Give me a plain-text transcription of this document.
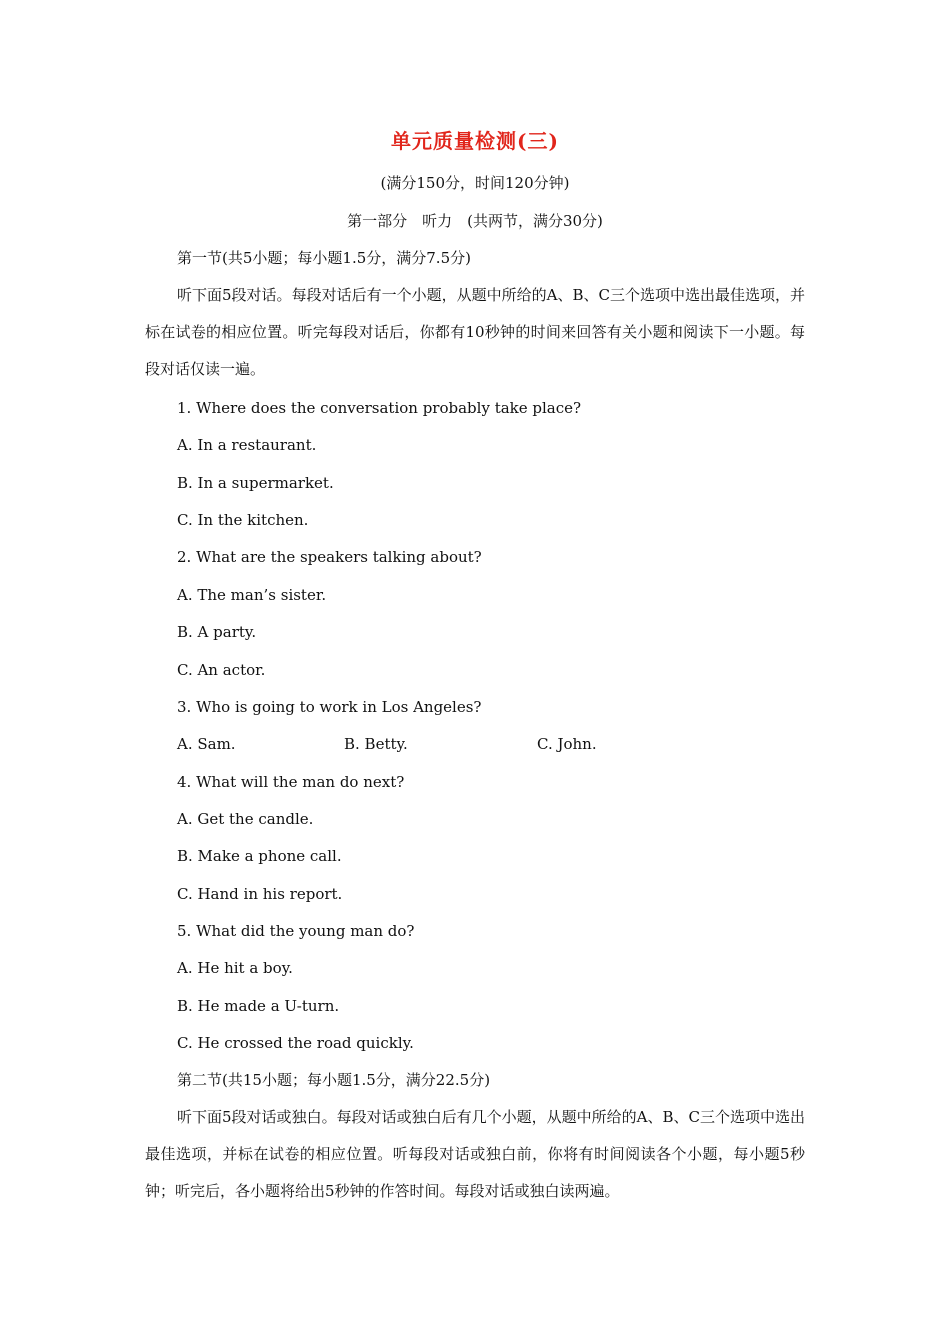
单元质量检测(三)
(满分150分，时间120分钟)
第一部分　听力　(共两节，满分30分)
第一节(共5小题；每小题1.5分，满分7.5分)

听下面5段对话。每段对话后有一个小题，从题中所给的A、B、C三个选项中选出最佳选项，并标在试卷的相应位置。听完每段对话后，你都有10秒钟的时间来回答有关小题和阅读下一小题。每段对话仅读一遍。

1. Where does the conversation probably take place?
A. In a restaurant.
B. In a supermarket.
C. In the kitchen.
2. What are the speakers talking about?
A. The man’s sister.
B. A party.
C. An actor.
3. Who is going to work in Los Angeles?
A. Sam.	B. Betty.	C. John.
4. What will the man do next?
A. Get the candle.
B. Make a phone call.
C. Hand in his report.
5. What did the young man do?
A. He hit a boy.
B. He made a U-turn.
C. He crossed the road quickly.
第二节(共15小题；每小题1.5分，满分22.5分)

听下面5段对话或独白。每段对话或独白后有几个小题，从题中所给的A、B、C三个选项中选出最佳选项，并标在试卷的相应位置。听每段对话或独白前，你将有时间阅读各个小题，每小题5秒钟；听完后，各小题将给出5秒钟的作答时间。每段对话或独白读两遍。
